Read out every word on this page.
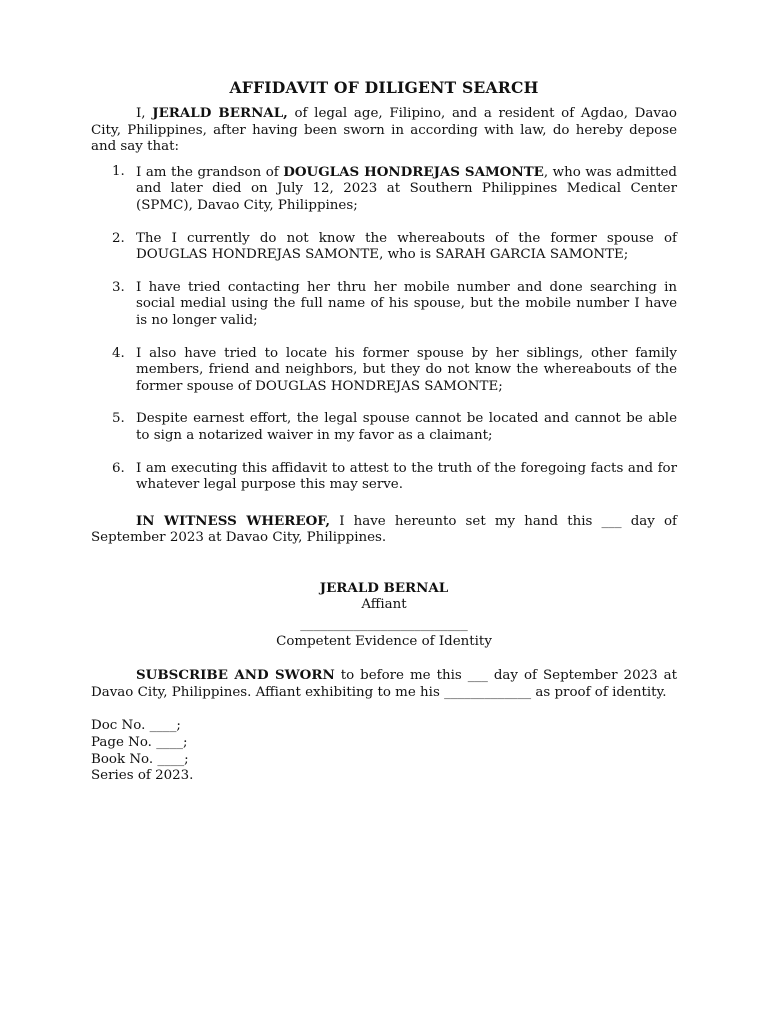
AFFIDAVIT OF DILIGENT SEARCH

I, JERALD BERNAL, of legal age, Filipino, and a resident of Agdao, Davao City, Philippines, after having been sworn in according with law, do hereby depose and say that:

1. I am the grandson of DOUGLAS HONDREJAS SAMONTE, who was admitted and later died on July 12, 2023 at Southern Philippines Medical Center (SPMC), Davao City, Philippines;
2. The I currently do not know the whereabouts of the former spouse of DOUGLAS HONDREJAS SAMONTE, who is SARAH GARCIA SAMONTE;
3. I have tried contacting her thru her mobile number and done searching in social medial using the full name of his spouse, but the mobile number I have is no longer valid;
4. I also have tried to locate his former spouse by her siblings, other family members, friend and neighbors, but they do not know the whereabouts of the former spouse of DOUGLAS HONDREJAS SAMONTE;
5. Despite earnest effort, the legal spouse cannot be located and cannot be able to sign a notarized waiver in my favor as a claimant;
6. I am executing this affidavit to attest to the truth of the foregoing facts and for whatever legal purpose this may serve.

IN WITNESS WHEREOF, I have hereunto set my hand this ___ day of September 2023 at Davao City, Philippines.

JERALD BERNAL
Affiant
_________________________
Competent Evidence of Identity

SUBSCRIBE AND SWORN to before me this ___ day of September 2023 at Davao City, Philippines. Affiant exhibiting to me his _____________ as proof of identity.

Doc No. ____;
Page No. ____;
Book No. ____;
Series of 2023.
